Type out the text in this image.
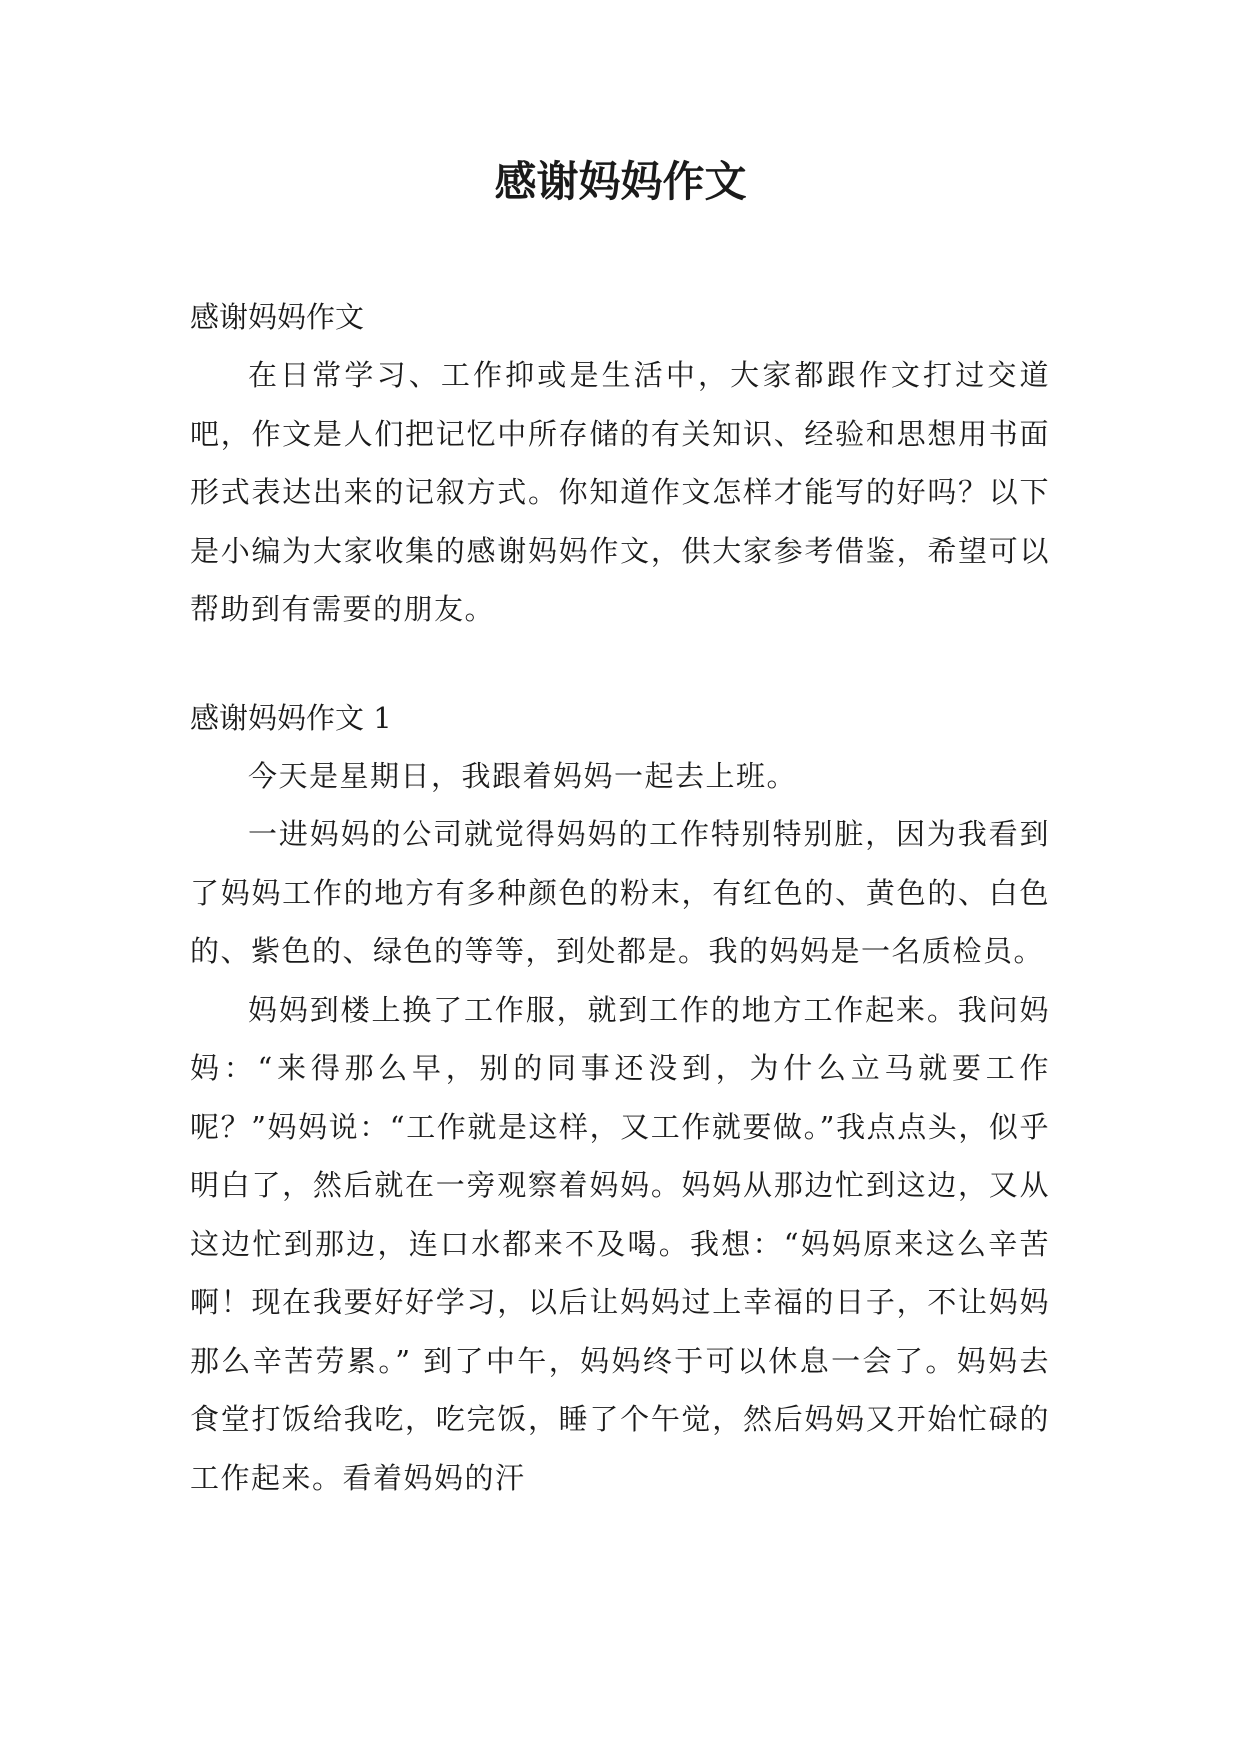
感谢妈妈作文

感谢妈妈作文

在日常学习、工作抑或是生活中，大家都跟作文打过交道吧，作文是人们把记忆中所存储的有关知识、经验和思想用书面形式表达出来的记叙方式。你知道作文怎样才能写的好吗？以下是小编为大家收集的感谢妈妈作文，供大家参考借鉴，希望可以帮助到有需要的朋友。

感谢妈妈作文 1

今天是星期日，我跟着妈妈一起去上班。

一进妈妈的公司就觉得妈妈的工作特别特别脏，因为我看到了妈妈工作的地方有多种颜色的粉末，有红色的、黄色的、白色的、紫色的、绿色的等等，到处都是。我的妈妈是一名质检员。

妈妈到楼上换了工作服，就到工作的地方工作起来。我问妈妈：“来得那么早，别的同事还没到，为什么立马就要工作呢？”妈妈说：“工作就是这样，又工作就要做。”我点点头，似乎明白了，然后就在一旁观察着妈妈。妈妈从那边忙到这边，又从这边忙到那边，连口水都来不及喝。我想：“妈妈原来这么辛苦啊！现在我要好好学习，以后让妈妈过上幸福的日子，不让妈妈那么辛苦劳累。” 到了中午，妈妈终于可以休息一会了。妈妈去食堂打饭给我吃，吃完饭，睡了个午觉，然后妈妈又开始忙碌的工作起来。看着妈妈的汗
